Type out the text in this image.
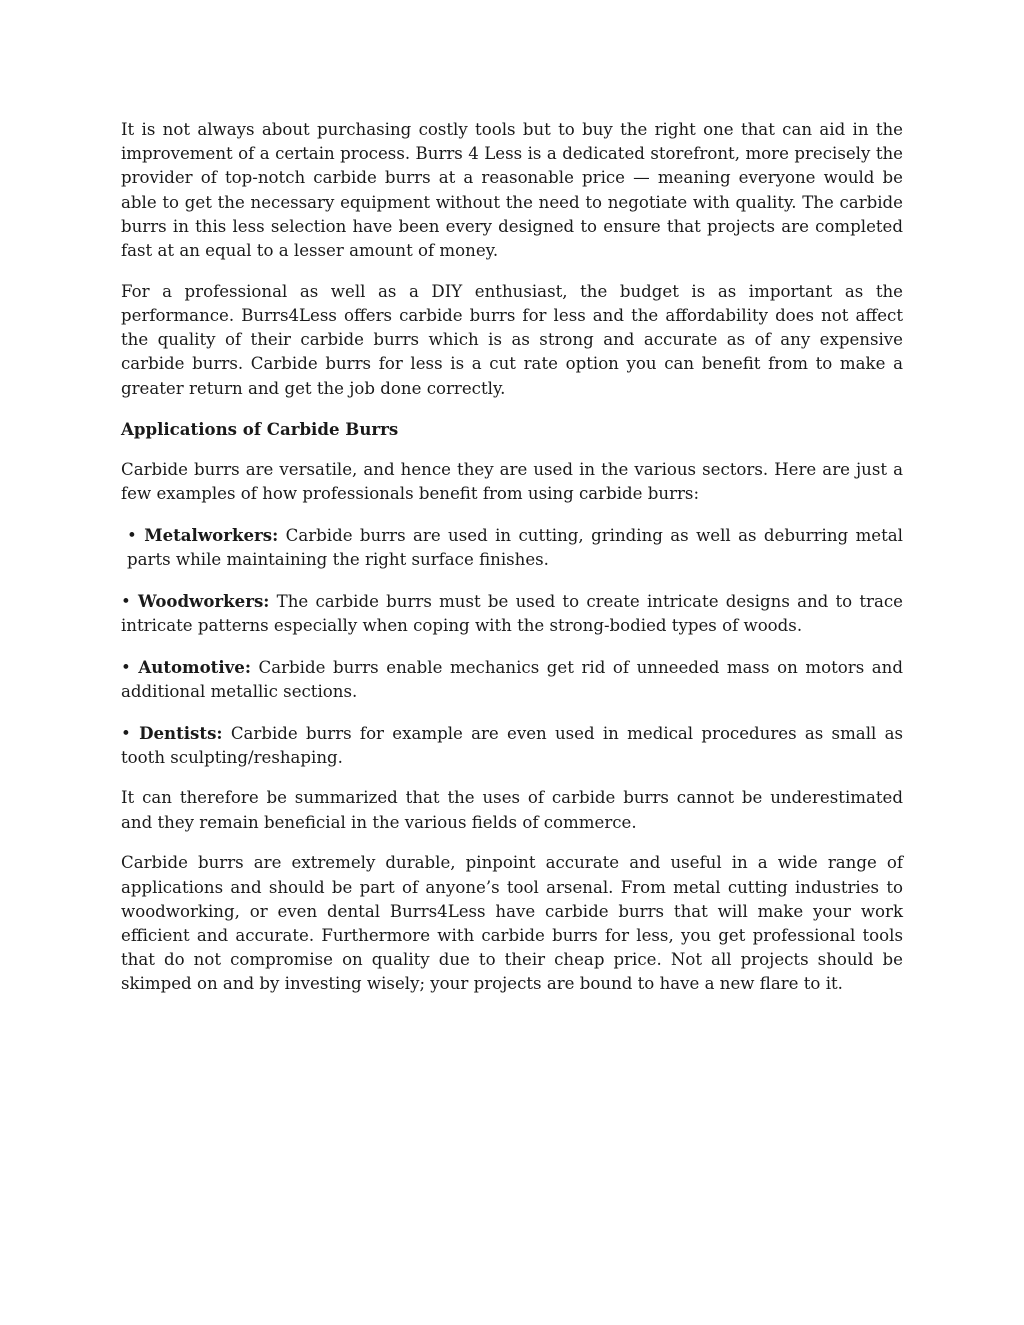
It is not always about purchasing costly tools but to buy the right one that can aid in the improvement of a certain process. Burrs 4 Less is a dedicated storefront, more precisely the provider of top-notch carbide burrs at a reasonable price — meaning everyone would be able to get the necessary equipment without the need to negotiate with quality. The carbide burrs in this less selection have been every designed to ensure that projects are completed fast at an equal to a lesser amount of money.

For a professional as well as a DIY enthusiast, the budget is as important as the performance. Burrs4Less offers carbide burrs for less and the affordability does not affect the quality of their carbide burrs which is as strong and accurate as of any expensive carbide burrs. Carbide burrs for less is a cut rate option you can benefit from to make a greater return and get the job done correctly.

Applications of Carbide Burrs

Carbide burrs are versatile, and hence they are used in the various sectors. Here are just a few examples of how professionals benefit from using carbide burrs:

• Metalworkers: Carbide burrs are used in cutting, grinding as well as deburring metal parts while maintaining the right surface finishes.

• Woodworkers: The carbide burrs must be used to create intricate designs and to trace intricate patterns especially when coping with the strong-bodied types of woods.

• Automotive: Carbide burrs enable mechanics get rid of unneeded mass on motors and additional metallic sections.

• Dentists: Carbide burrs for example are even used in medical procedures as small as tooth sculpting/reshaping.

It can therefore be summarized that the uses of carbide burrs cannot be underestimated and they remain beneficial in the various fields of commerce.

Carbide burrs are extremely durable, pinpoint accurate and useful in a wide range of applications and should be part of anyone’s tool arsenal. From metal cutting industries to woodworking, or even dental Burrs4Less have carbide burrs that will make your work efficient and accurate. Furthermore with carbide burrs for less, you get professional tools that do not compromise on quality due to their cheap price. Not all projects should be skimped on and by investing wisely; your projects are bound to have a new flare to it.
